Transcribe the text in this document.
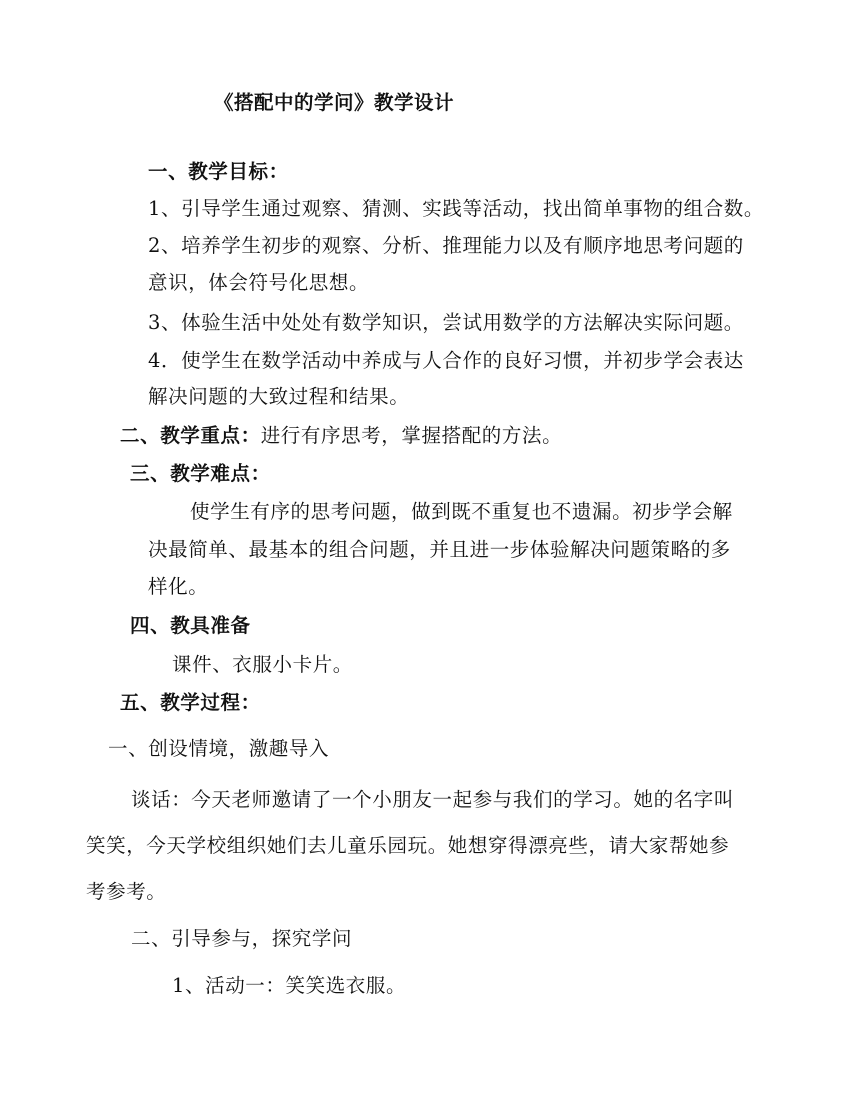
《搭配中的学问》教学设计
一、教学目标：
1、引导学生通过观察、猜测、实践等活动，找出简单事物的组合数。
2、培养学生初步的观察、分析、推理能力以及有顺序地思考问题的
意识，体会符号化思想。
3、体验生活中处处有数学知识，尝试用数学的方法解决实际问题。
4．使学生在数学活动中养成与人合作的良好习惯，并初步学会表达
解决问题的大致过程和结果。
二、教学重点：进行有序思考，掌握搭配的方法。
三、教学难点：
使学生有序的思考问题，做到既不重复也不遗漏。初步学会解
决最简单、最基本的组合问题，并且进一步体验解决问题策略的多
样化。
四、教具准备
课件、衣服小卡片。
五、教学过程：
一、创设情境，激趣导入
谈话：今天老师邀请了一个小朋友一起参与我们的学习。她的名字叫
笑笑，今天学校组织她们去儿童乐园玩。她想穿得漂亮些，请大家帮她参
考参考。
二、引导参与，探究学问
1、活动一：笑笑选衣服。
